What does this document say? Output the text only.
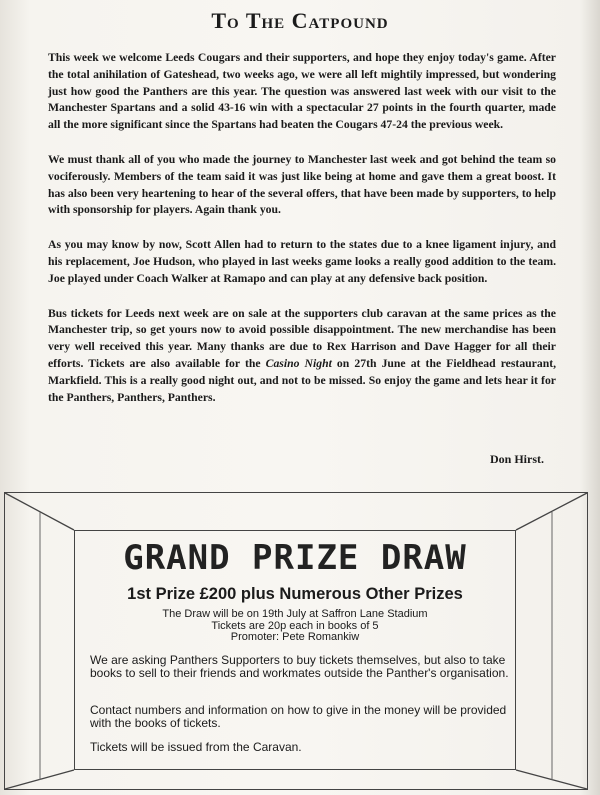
To The Catpound

This week we welcome Leeds Cougars and their supporters, and hope they enjoy today's game. After the total anihilation of Gateshead, two weeks ago, we were all left mightily impressed, but wondering just how good the Panthers are this year. The question was answered last week with our visit to the Manchester Spartans and a solid 43-16 win with a spectacular 27 points in the fourth quarter, made all the more significant since the Spartans had beaten the Cougars 47-24 the previous week.

We must thank all of you who made the journey to Manchester last week and got behind the team so vociferously. Members of the team said it was just like being at home and gave them a great boost. It has also been very heartening to hear of the several offers, that have been made by supporters, to help with sponsorship for players. Again thank you.

As you may know by now, Scott Allen had to return to the states due to a knee ligament injury, and his replacement, Joe Hudson, who played in last weeks game looks a really good addition to the team. Joe played under Coach Walker at Ramapo and can play at any defensive back position.

Bus tickets for Leeds next week are on sale at the supporters club caravan at the same prices as the Manchester trip, so get yours now to avoid possible disappointment. The new merchandise has been very well received this year. Many thanks are due to Rex Harrison and Dave Hagger for all their efforts. Tickets are also available for the Casino Night on 27th June at the Fieldhead restaurant, Markfield. This is a really good night out, and not to be missed. So enjoy the game and lets hear it for the Panthers, Panthers, Panthers.

Don Hirst.
GRAND PRIZE DRAW
1st Prize £200 plus Numerous Other Prizes
The Draw will be on 19th July at Saffron Lane Stadium
Tickets are 20p each in books of 5
Promoter: Pete Romankiw
We are asking Panthers Supporters to buy tickets themselves, but also to take books to sell to their friends and workmates outside the Panther's organisation.
Contact numbers and information on how to give in the money will be provided with the books of tickets.
Tickets will be issued from the Caravan.
